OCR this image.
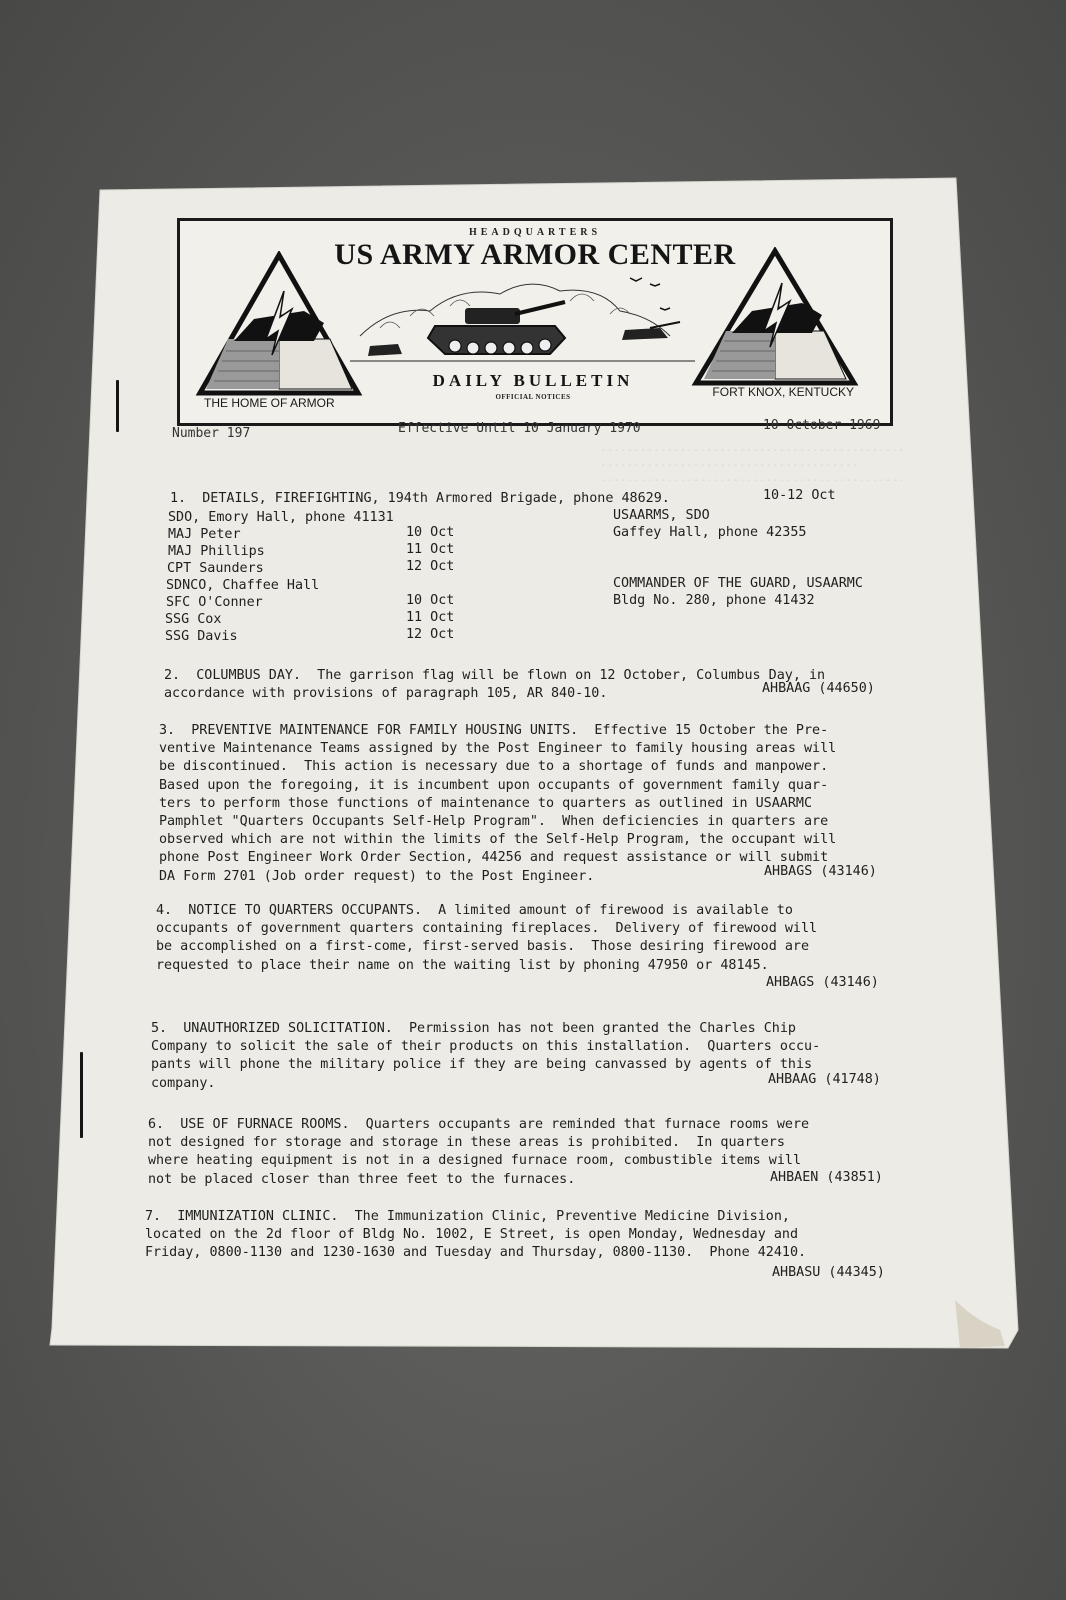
..............................................
.......................................
..............................................
HEADQUARTERS
US ARMY ARMOR CENTER
DAILY BULLETIN
OFFICIAL NOTICES
THE HOME OF ARMOR
FORT KNOX, KENTUCKY
Number 197	Effective Until 10 January 1970	10 October 1969
1.  DETAILS, FIREFIGHTING, 194th Armored Brigade, phone 48629.	10-12 Oct
SDO, Emory Hall, phone 41131
MAJ Peter	10 Oct
MAJ Phillips	11 Oct
CPT Saunders	12 Oct
SDNCO, Chaffee Hall
SFC O'Conner	10 Oct
SSG Cox	11 Oct
SSG Davis	12 Oct
USAARMS, SDO
Gaffey Hall, phone 42355
COMMANDER OF THE GUARD, USAARMC
Bldg No. 280, phone 41432
2.  COLUMBUS DAY.  The garrison flag will be flown on 12 October, Columbus Day, in
accordance with provisions of paragraph 105, AR 840-10.	AHBAAG (44650)
3.  PREVENTIVE MAINTENANCE FOR FAMILY HOUSING UNITS.  Effective 15 October the Pre-
ventive Maintenance Teams assigned by the Post Engineer to family housing areas will
be discontinued.  This action is necessary due to a shortage of funds and manpower.
Based upon the foregoing, it is incumbent upon occupants of government family quar-
ters to perform those functions of maintenance to quarters as outlined in USAARMC
Pamphlet "Quarters Occupants Self-Help Program".  When deficiencies in quarters are
observed which are not within the limits of the Self-Help Program, the occupant will
phone Post Engineer Work Order Section, 44256 and request assistance or will submit
DA Form 2701 (Job order request) to the Post Engineer.	AHBAGS (43146)
4.  NOTICE TO QUARTERS OCCUPANTS.  A limited amount of firewood is available to
occupants of government quarters containing fireplaces.  Delivery of firewood will
be accomplished on a first-come, first-served basis.  Those desiring firewood are
requested to place their name on the waiting list by phoning 47950 or 48145.
AHBAGS (43146)
5.  UNAUTHORIZED SOLICITATION.  Permission has not been granted the Charles Chip
Company to solicit the sale of their products on this installation.  Quarters occu-
pants will phone the military police if they are being canvassed by agents of this
company.	AHBAAG (41748)
6.  USE OF FURNACE ROOMS.  Quarters occupants are reminded that furnace rooms were
not designed for storage and storage in these areas is prohibited.  In quarters
where heating equipment is not in a designed furnace room, combustible items will
not be placed closer than three feet to the furnaces.	AHBAEN (43851)
7.  IMMUNIZATION CLINIC.  The Immunization Clinic, Preventive Medicine Division,
located on the 2d floor of Bldg No. 1002, E Street, is open Monday, Wednesday and
Friday, 0800-1130 and 1230-1630 and Tuesday and Thursday, 0800-1130.  Phone 42410.
AHBASU (44345)
